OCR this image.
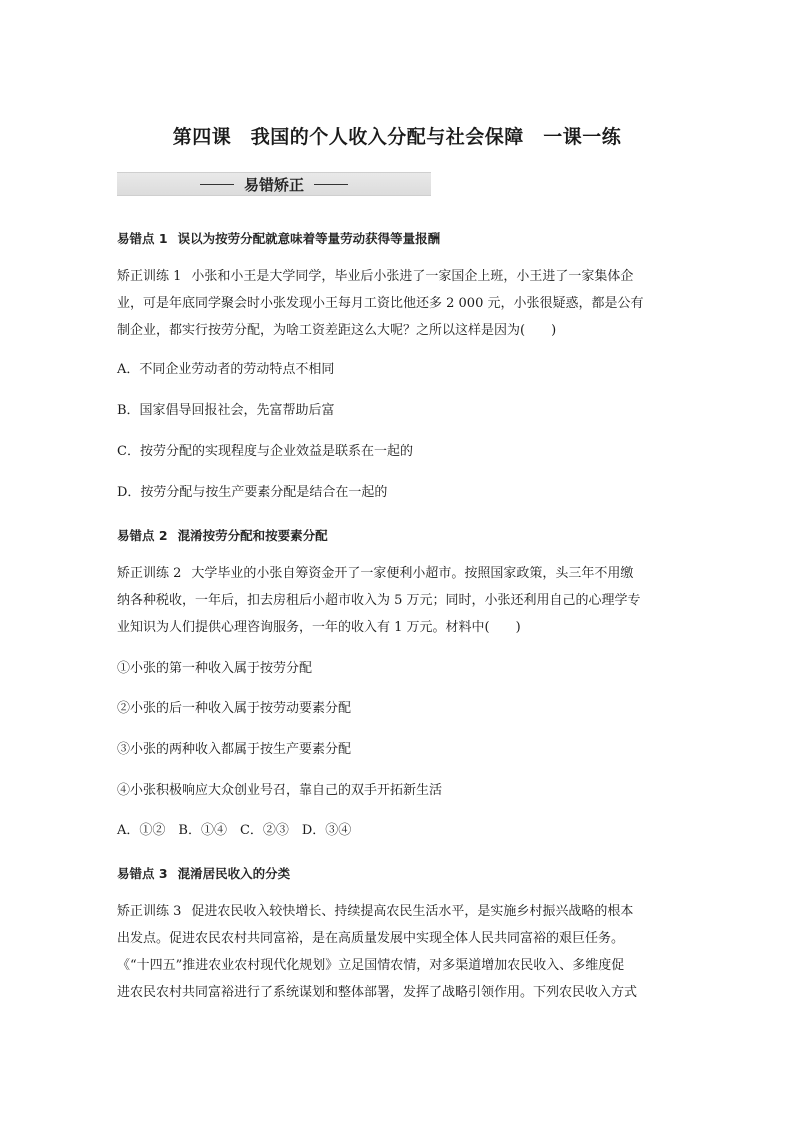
第四课　我国的个人收入分配与社会保障　一课一练
易错矫正
易错点 1 误以为按劳分配就意味着等量劳动获得等量报酬
矫正训练 1 小张和小王是大学同学，毕业后小张进了一家国企上班，小王进了一家集体企
业，可是年底同学聚会时小张发现小王每月工资比他还多 2 000 元，小张很疑惑，都是公有
制企业，都实行按劳分配，为啥工资差距这么大呢？之所以这样是因为(　　)
A．不同企业劳动者的劳动特点不相同
B．国家倡导回报社会，先富帮助后富
C．按劳分配的实现程度与企业效益是联系在一起的
D．按劳分配与按生产要素分配是结合在一起的
易错点 2 混淆按劳分配和按要素分配
矫正训练 2 大学毕业的小张自筹资金开了一家便利小超市。按照国家政策，头三年不用缴
纳各种税收，一年后，扣去房租后小超市收入为 5 万元；同时，小张还利用自己的心理学专
业知识为人们提供心理咨询服务，一年的收入有 1 万元。材料中(　　)
①小张的第一种收入属于按劳分配
②小张的后一种收入属于按劳动要素分配
③小张的两种收入都属于按生产要素分配
④小张积极响应大众创业号召，靠自己的双手开拓新生活
A．①②　B．①④　C．②③　D．③④
易错点 3 混淆居民收入的分类
矫正训练 3 促进农民收入较快增长、持续提高农民生活水平，是实施乡村振兴战略的根本
出发点。促进农民农村共同富裕，是在高质量发展中实现全体人民共同富裕的艰巨任务。
《“十四五”推进农业农村现代化规划》立足国情农情，对多渠道增加农民收入、多维度促
进农民农村共同富裕进行了系统谋划和整体部署，发挥了战略引领作用。下列农民收入方式
